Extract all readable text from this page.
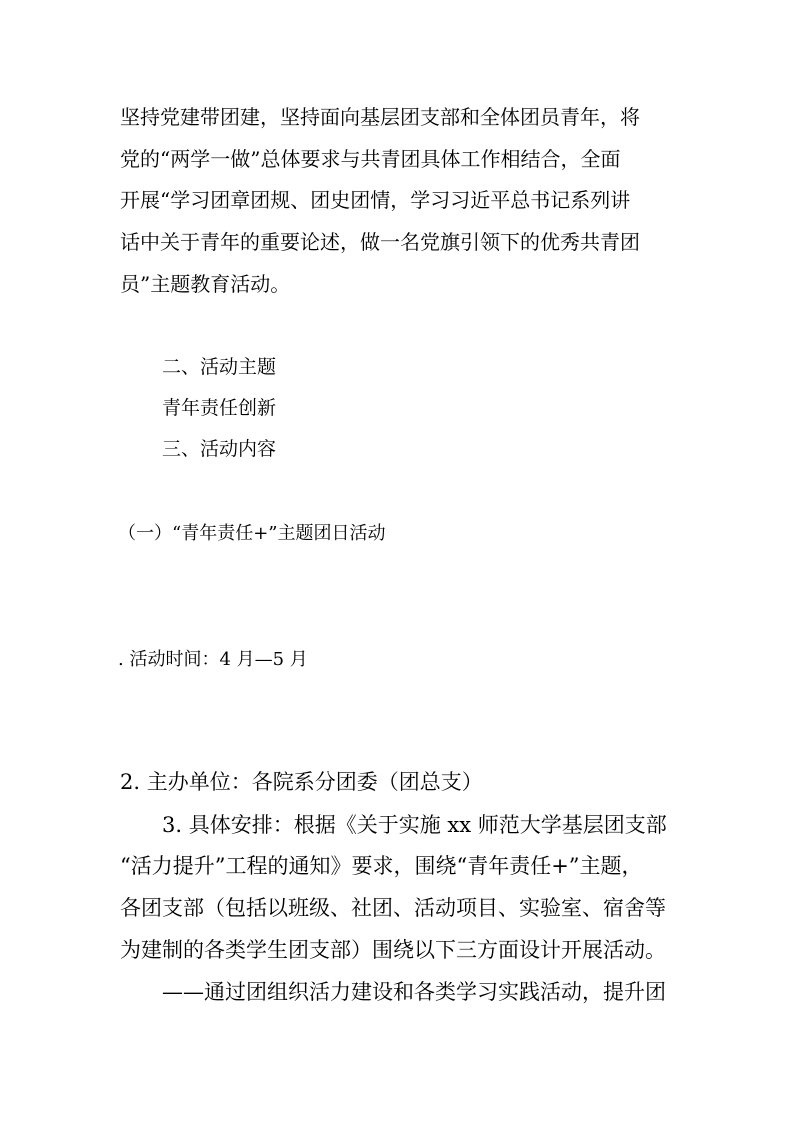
坚持党建带团建，坚持面向基层团支部和全体团员青年，将
党的“两学一做”总体要求与共青团具体工作相结合，全面
开展“学习团章团规、团史团情，学习习近平总书记系列讲
话中关于青年的重要论述，做一名党旗引领下的优秀共青团
员”主题教育活动。
二、活动主题
青年责任创新
三、活动内容
（一）“青年责任+”主题团日活动
. 活动时间：4 月—5 月
2. 主办单位：各院系分团委（团总支）
3. 具体安排：根据《关于实施 xx 师范大学基层团支部
“活力提升”工程的通知》要求，围绕“青年责任+”主题，
各团支部（包括以班级、社团、活动项目、实验室、宿舍等
为建制的各类学生团支部）围绕以下三方面设计开展活动。
——通过团组织活力建设和各类学习实践活动，提升团
